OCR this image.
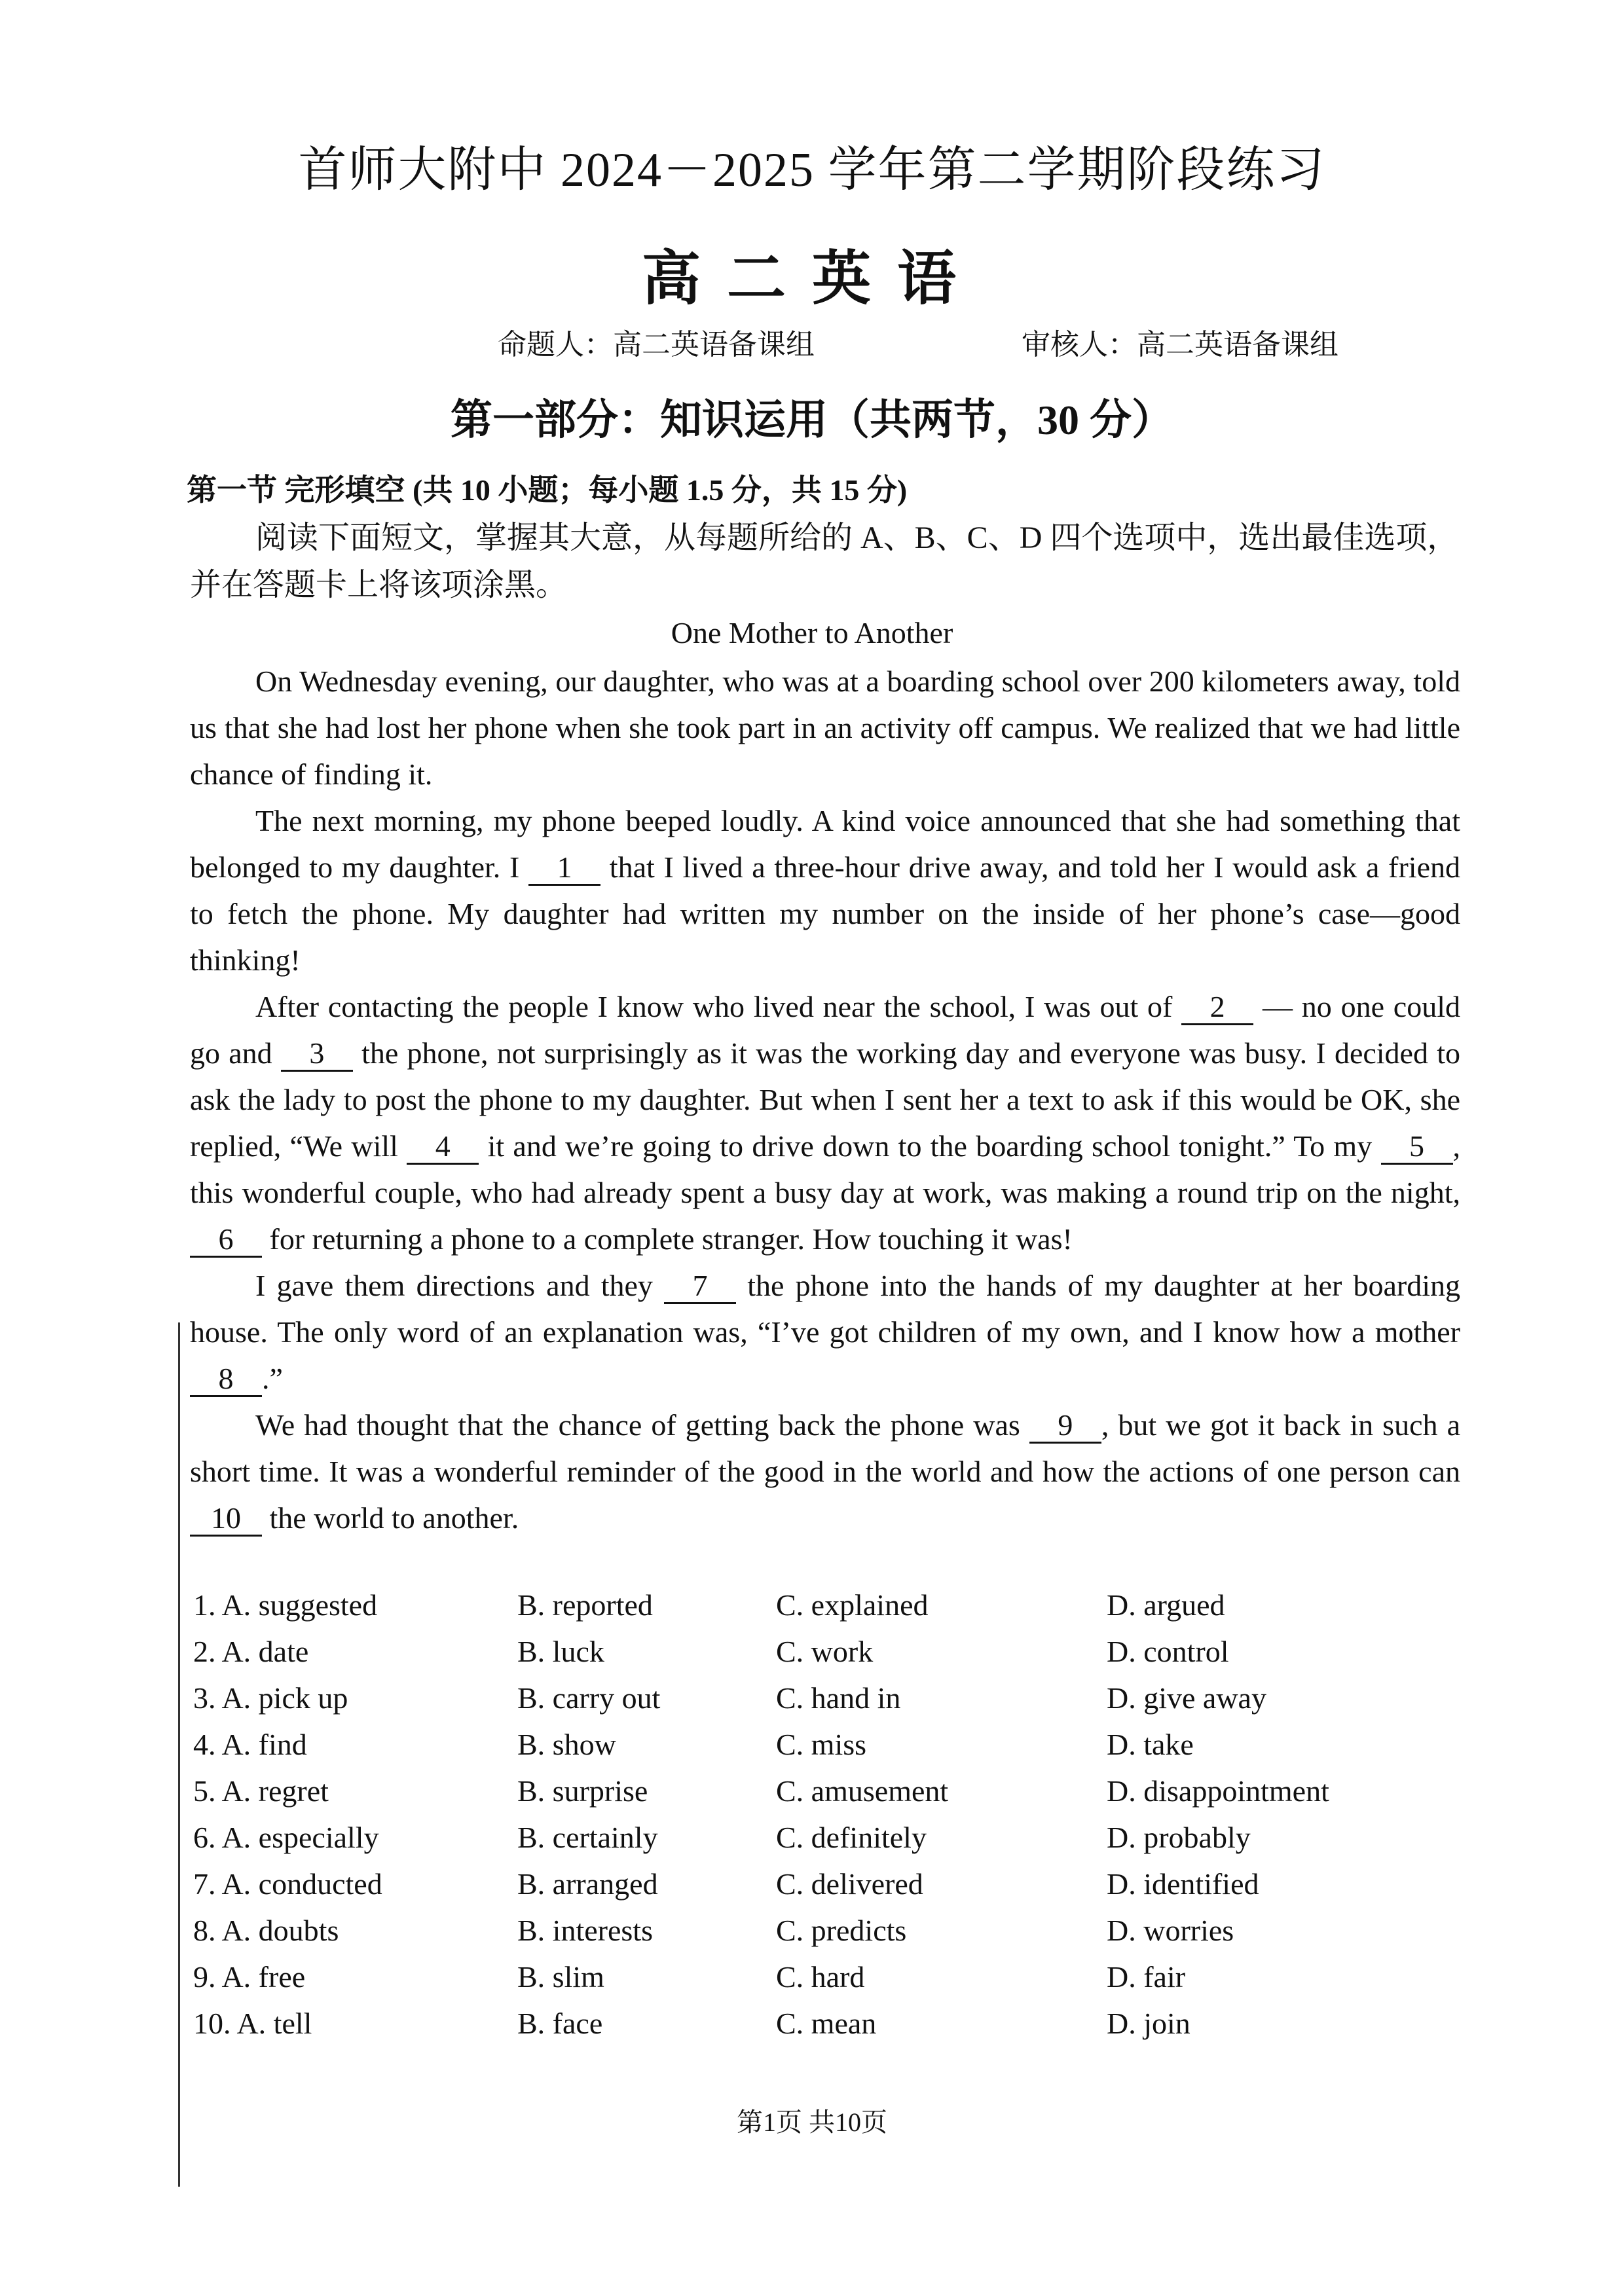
首师大附中 2024－2025 学年第二学期阶段练习
高二英语
命题人：高二英语备课组	审核人：高二英语备课组
第一部分：知识运用（共两节，30 分）
第一节 完形填空 (共 10 小题；每小题 1.5 分，共 15 分)
阅读下面短文，掌握其大意，从每题所给的 A、B、C、D 四个选项中，选出最佳选项，并在答题卡上将该项涂黑。
One Mother to Another

On Wednesday evening, our daughter, who was at a boarding school over 200 kilometers away, told us that she had lost her phone when she took part in an activity off campus. We realized that we had little chance of finding it.

The next morning, my phone beeped loudly. A kind voice announced that she had something that belonged to my daughter. I 1 that I lived a three-hour drive away, and told her I would ask a friend to fetch the phone. My daughter had written my number on the inside of her phone’s case—good thinking!

After contacting the people I know who lived near the school, I was out of 2 — no one could go and 3 the phone, not surprisingly as it was the working day and everyone was busy. I decided to ask the lady to post the phone to my daughter. But when I sent her a text to ask if this would be OK, she replied, “We will 4 it and we’re going to drive down to the boarding school tonight.” To my 5 , this wonderful couple, who had already spent a busy day at work, was making a round trip on the night, 6 for returning a phone to a complete stranger. How touching it was!

I gave them directions and they 7 the phone into the hands of my daughter at her boarding house. The only word of an explanation was, “I’ve got children of my own, and I know how a mother 8 .”

We had thought that the chance of getting back the phone was 9 , but we got it back in such a short time. It was a wonderful reminder of the good in the world and how the actions of one person can 10 the world to another.

1. A. suggested	B. reported	C. explained	D. argued
2. A. date	B. luck	C. work	D. control
3. A. pick up	B. carry out	C. hand in	D. give away
4. A. find	B. show	C. miss	D. take
5. A. regret	B. surprise	C. amusement	D. disappointment
6. A. especially	B. certainly	C. definitely	D. probably
7. A. conducted	B. arranged	C. delivered	D. identified
8. A. doubts	B. interests	C. predicts	D. worries
9. A. free	B. slim	C. hard	D. fair
10. A. tell	B. face	C. mean	D. join
第1页 共10页
